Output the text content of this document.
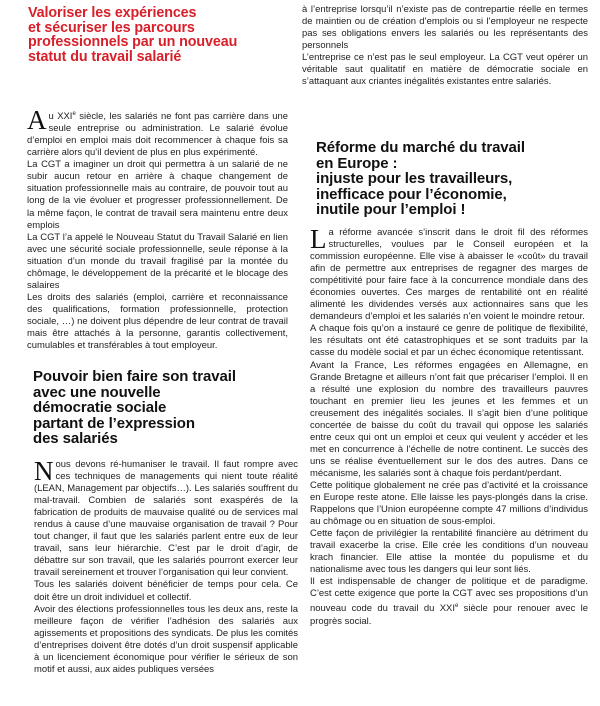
Valoriser les expériences
et sécuriser les parcours
professionnels par un nouveau
statut du travail salarié

Au XXIe siècle, les salariés ne font pas carrière dans une seule entreprise ou administration. Le salarié évolue d’emploi en emploi mais doit recommencer à chaque fois sa carrière alors qu’il devient de plus en plus expérimenté.

La CGT a imaginer un droit qui permettra à un salarié de ne subir aucun retour en arrière à chaque changement de situation professionnelle mais au contraire, de pouvoir tout au long de la vie évoluer et progresser professionnellement. De la même façon, le contrat de travail sera maintenu entre deux emplois

La CGT l’a appelé le Nouveau Statut du Travail Salarié en lien avec une sécurité sociale professionnelle, seule réponse à la situation d’un monde du travail fragilisé par la montée du chômage, le développement de la précarité et le blocage des salaires

Les droits des salariés (emploi, carrière et reconnaissance des qualifications, formation professionnelle, protection sociale, …) ne doivent plus dépendre de leur contrat de travail mais être attachés à la personne, garantis collectivement, cumulables et transférables à tout employeur.

Pouvoir bien faire son travail
avec une nouvelle
démocratie sociale
partant de l’expression
des salariés

Nous devons ré-humaniser le travail. Il faut rompre avec ces techniques de managements qui nient toute réalité (LEAN, Management par objectifs…). Les salariés souffrent du mal-travail. Combien de salariés sont exaspérés de la fabrication de produits de mauvaise qualité ou de services mal rendus à cause d’une mauvaise organisation de travail ? Pour tout changer, il faut que les salariés parlent entre eux de leur travail, sans leur hiérarchie. C’est par le droit d’agir, de débattre sur son travail, que les salariés pourront exercer leur travail sereinement et trouver l’organisation qui leur convient.

Tous les salariés doivent bénéficier de temps pour cela. Ce doit être un droit individuel et collectif.

Avoir des élections professionnelles tous les deux ans, reste la meilleure façon de vérifier l’adhésion des salariés aux agissements et propositions des syndicats. De plus les comités d’entreprises doivent être dotés d’un droit suspensif applicable à un licenciement économique pour vérifier le sérieux de son motif et aussi, aux aides publiques versées

à l’entreprise lorsqu’il n’existe pas de contrepartie réelle en termes de maintien ou de création d’emplois ou si l’employeur ne respecte pas ses obligations envers les salariés ou les représentants des personnels

L’entreprise ce n’est pas le seul employeur. La CGT veut opérer un véritable saut qualitatif en matière de démocratie sociale en s’attaquant aux criantes inégalités existantes entre salariés.

Réforme du marché du travail
en Europe :
injuste pour les travailleurs,
inefficace pour l’économie,
inutile pour l’emploi !

La réforme avancée s’inscrit dans le droit fil des réformes structurelles, voulues par le Conseil européen et la commission européenne. Elle vise à abaisser le «coût» du travail afin de permettre aux entreprises de regagner des marges de compétitivité pour faire face à la concurrence mondiale dans des économies ouvertes. Ces marges de rentabilité ont en réalité alimenté les dividendes versés aux actionnaires sans que les demandeurs d’emploi et les salariés n’en voient le moindre retour.

A chaque fois qu’on a instauré ce genre de politique de flexibilité, les résultats ont été catastrophiques et se sont traduits par la casse du modèle social et par un échec économique retentissant.

Avant la France, Les réformes engagées en Allemagne, en Grande Bretagne et ailleurs n’ont fait que précariser l’emploi. Il en a résulté une explosion du nombre des travailleurs pauvres touchant en premier lieu les jeunes et les femmes et un creusement des inégalités sociales. Il s’agit bien d’une politique concertée de baisse du coût du travail qui oppose les salariés entre ceux qui ont un emploi et ceux qui veulent y accéder et les met en concurrence à l’échelle de notre continent. Le succès des uns se réalise éventuellement sur le dos des autres. Dans ce mécanisme, les salariés sont à chaque fois perdant/perdant.

Cette politique globalement ne crée pas d’activité et la croissance en Europe reste atone. Elle laisse les pays-plongés dans la crise. Rappelons que l’Union européenne compte 47 millions d’individus au chômage ou en situation de sous-emploi.

Cette façon de privilégier la rentabilité financière au détriment du travail exacerbe la crise. Elle crée les conditions d’un nouveau krach financier. Elle attise la montée du populisme et du nationalisme avec tous les dangers qui leur sont liés.

Il est indispensable de changer de politique et de paradigme. C’est cette exigence que porte la CGT avec ses propositions d’un nouveau code du travail du XXIe siècle pour renouer avec le progrès social.
